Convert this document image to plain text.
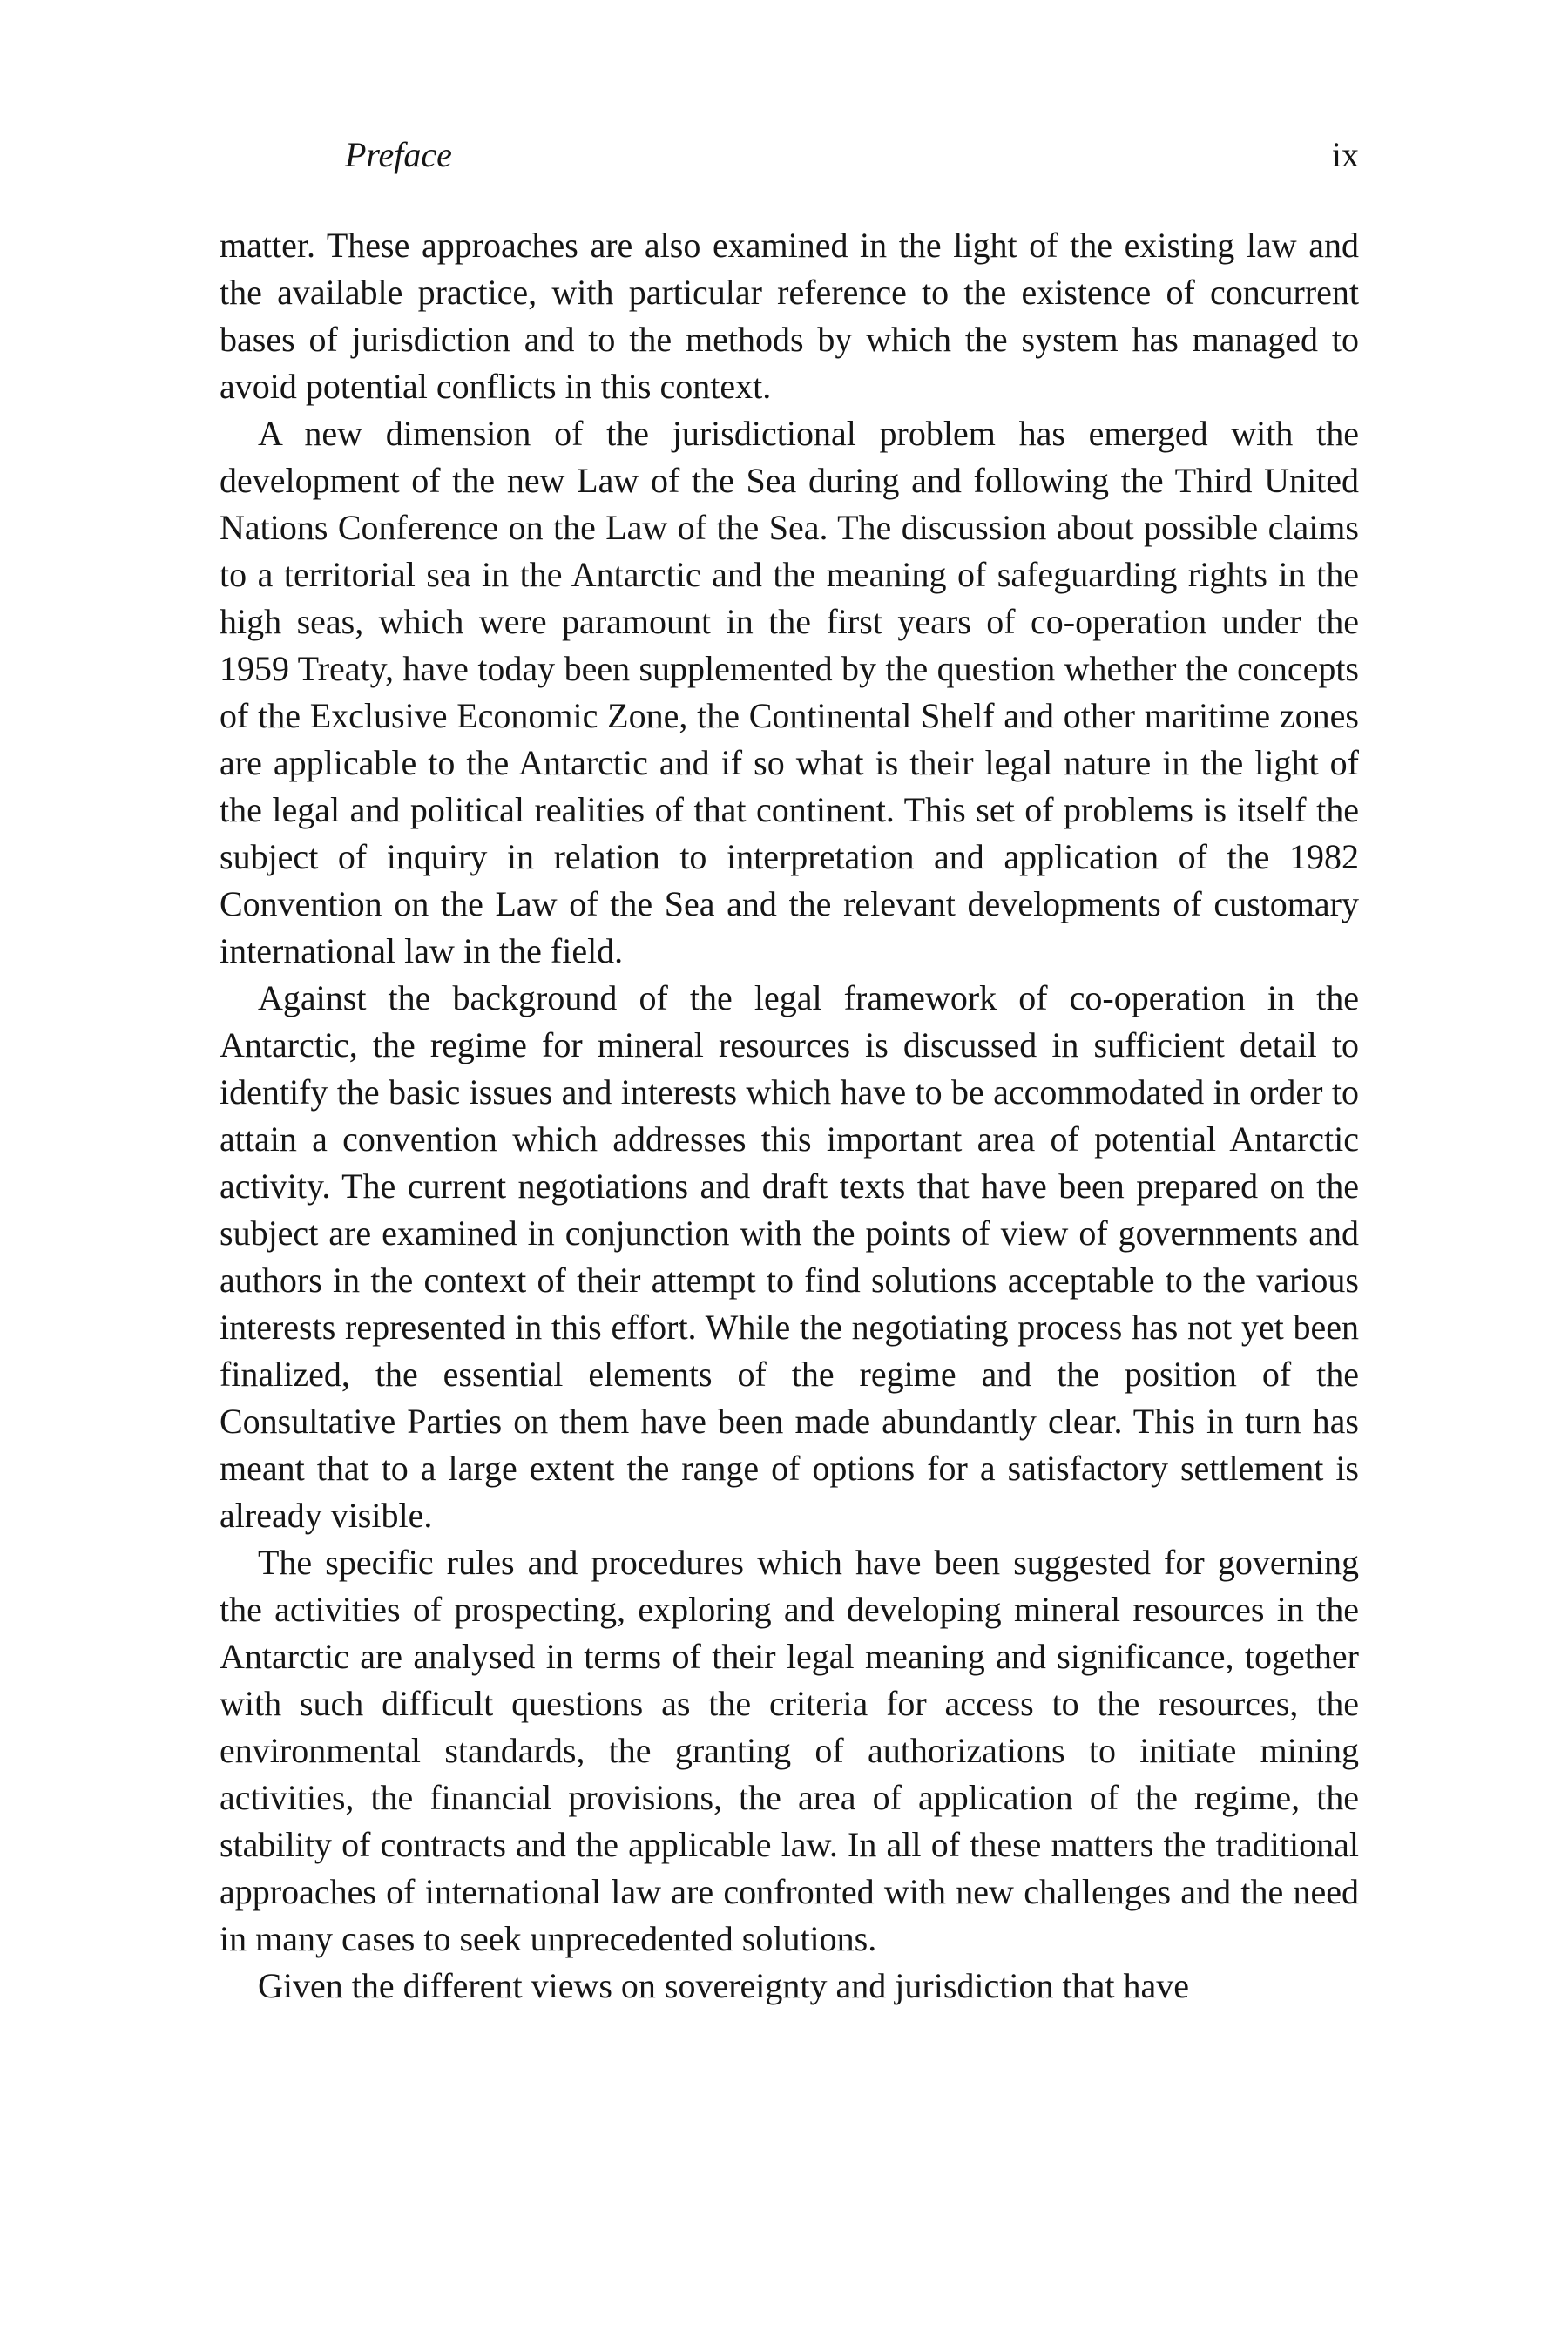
Preface	ix

matter. These approaches are also examined in the light of the existing law and the available practice, with particular reference to the existence of concurrent bases of jurisdiction and to the methods by which the system has managed to avoid potential conflicts in this context.

A new dimension of the jurisdictional problem has emerged with the development of the new Law of the Sea during and following the Third United Nations Conference on the Law of the Sea. The discussion about possible claims to a territorial sea in the Antarctic and the meaning of safeguarding rights in the high seas, which were paramount in the first years of co-operation under the 1959 Treaty, have today been supplemented by the question whether the concepts of the Exclusive Economic Zone, the Continental Shelf and other maritime zones are applicable to the Antarctic and if so what is their legal nature in the light of the legal and political realities of that continent. This set of problems is itself the subject of inquiry in relation to interpretation and application of the 1982 Convention on the Law of the Sea and the relevant developments of customary international law in the field.

Against the background of the legal framework of co-operation in the Antarctic, the regime for mineral resources is discussed in sufficient detail to identify the basic issues and interests which have to be accommodated in order to attain a convention which addresses this important area of potential Antarctic activity. The current negotiations and draft texts that have been prepared on the subject are examined in conjunction with the points of view of governments and authors in the context of their attempt to find solutions acceptable to the various interests represented in this effort. While the negotiating process has not yet been finalized, the essential elements of the regime and the position of the Consultative Parties on them have been made abundantly clear. This in turn has meant that to a large extent the range of options for a satisfactory settlement is already visible.

The specific rules and procedures which have been suggested for governing the activities of prospecting, exploring and developing mineral resources in the Antarctic are analysed in terms of their legal meaning and significance, together with such difficult questions as the criteria for access to the resources, the environmental standards, the granting of authorizations to initiate mining activities, the financial provisions, the area of application of the regime, the stability of contracts and the applicable law. In all of these matters the traditional approaches of international law are confronted with new challenges and the need in many cases to seek unprecedented solutions.

Given the different views on sovereignty and jurisdiction that have
